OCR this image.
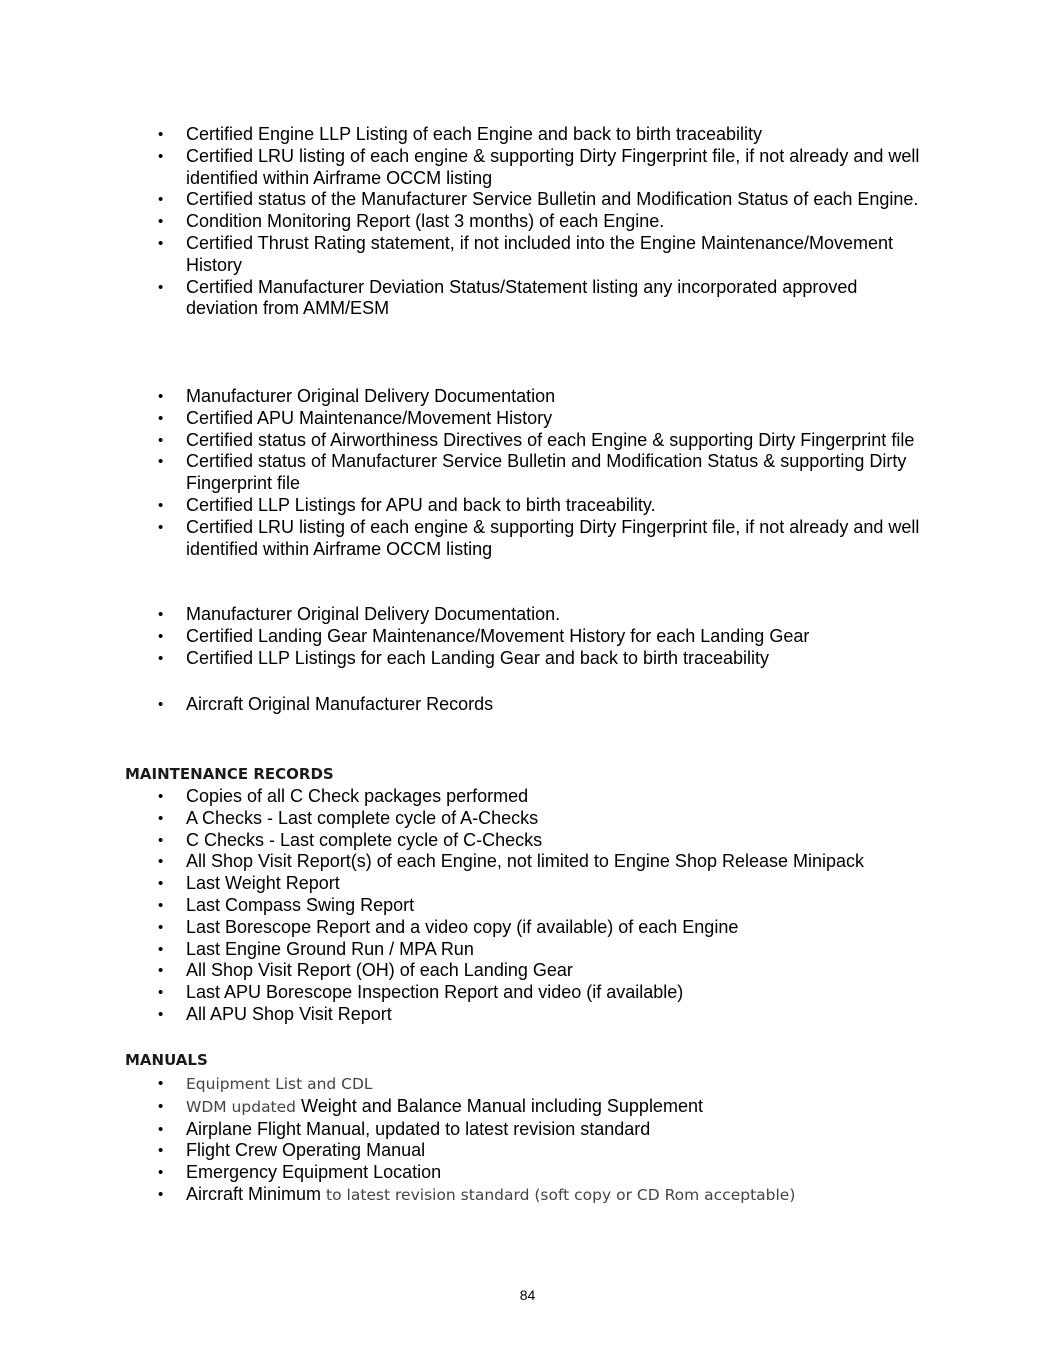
• Certified Engine LLP Listing of each Engine and back to birth traceability
• Certified LRU listing of each engine & supporting Dirty Fingerprint file, if not already and well identified within Airframe OCCM listing
• Certified status of the Manufacturer Service Bulletin and Modification Status of each Engine.
• Condition Monitoring Report (last 3 months) of each Engine.
• Certified Thrust Rating statement, if not included into the Engine Maintenance/Movement History
• Certified Manufacturer Deviation Status/Statement listing any incorporated approved deviation from AMM/ESM
• Manufacturer Original Delivery Documentation
• Certified APU Maintenance/Movement History
• Certified status of Airworthiness Directives of each Engine & supporting Dirty Fingerprint file
• Certified status of Manufacturer Service Bulletin and Modification Status & supporting Dirty Fingerprint file
• Certified LLP Listings for APU and back to birth traceability.
• Certified LRU listing of each engine & supporting Dirty Fingerprint file, if not already and well identified within Airframe OCCM listing
• Manufacturer Original Delivery Documentation.
• Certified Landing Gear Maintenance/Movement History for each Landing Gear
• Certified LLP Listings for each Landing Gear and back to birth traceability
• Aircraft Original Manufacturer Records
MAINTENANCE RECORDS
• Copies of all C Check packages performed
• A Checks - Last complete cycle of A-Checks
• C Checks - Last complete cycle of C-Checks
• All Shop Visit Report(s) of each Engine, not limited to Engine Shop Release Minipack
• Last Weight Report
• Last Compass Swing Report
• Last Borescope Report and a video copy (if available) of each Engine
• Last Engine Ground Run / MPA Run
• All Shop Visit Report (OH) of each Landing Gear
• Last APU Borescope Inspection Report and video (if available)
• All APU Shop Visit Report
MANUALS
• Equipment List and CDL
• WDM updated Weight and Balance Manual including Supplement
• Airplane Flight Manual, updated to latest revision standard
• Flight Crew Operating Manual
• Emergency Equipment Location
• Aircraft Minimum to latest revision standard (soft copy or CD Rom acceptable)
84
